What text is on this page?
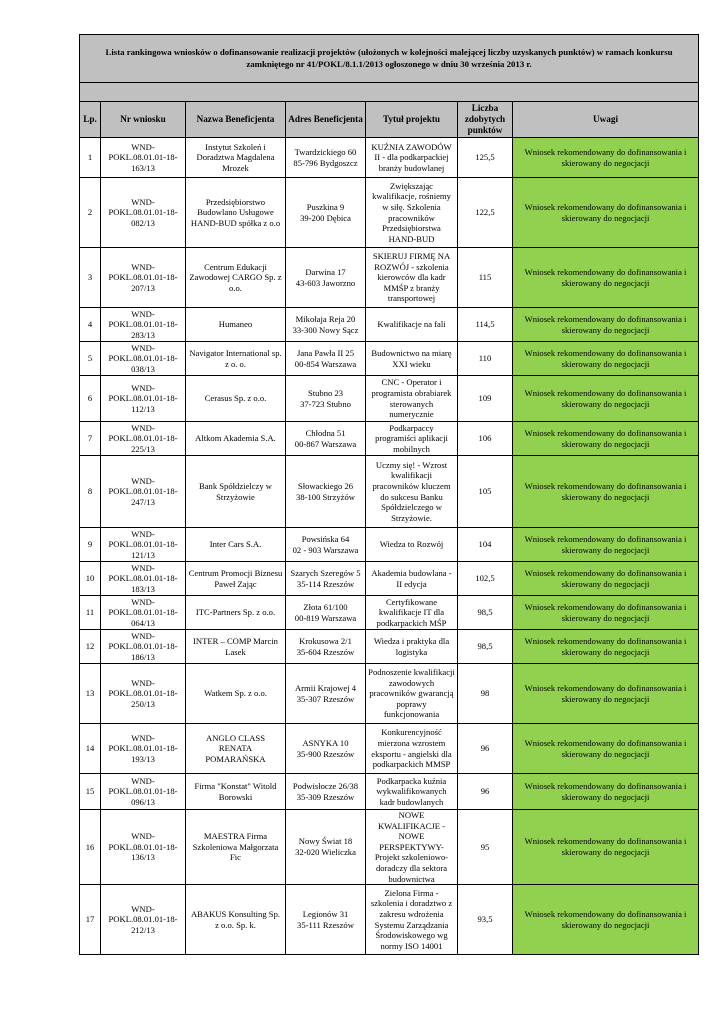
Lista rankingowa wniosków o dofinansowanie realizacji projektów (ułożonych w kolejności malejącej liczby uzyskanych punktów) w ramach konkursu zamkniętego nr 41/POKL/8.1.1/2013 ogłoszonego w dniu 30 września 2013 r.						

Lp.	Nr wniosku	Nazwa Beneficjenta	Adres Beneficjenta	Tytuł projektu	Liczba zdobytych punktów	Uwagi

1	WND-POKL.08.01.01-18-163/13	Instytut Szkoleń i Doradztwa Magdalena Mrozek	Twardzickiego 60
85-796 Bydgoszcz	KUŹNIA ZAWODÓW II - dla podkarpackiej branży budowlanej	125,5	Wniosek rekomendowany do dofinansowania i skierowany do negocjacji

2	WND-POKL.08.01.01-18-082/13	Przedsiębiorstwo Budowlano Usługowe HAND-BUD spółka z o.o	Puszkina 9
39-200 Dębica	Zwiększając kwalifikacje, rośniemy w siłę. Szkolenia pracowników Przedsiębiorstwa HAND-BUD	122,5	Wniosek rekomendowany do dofinansowania i skierowany do negocjacji

3	WND-POKL.08.01.01-18-207/13	Centrum Edukacji Zawodowej CARGO Sp. z o.o.	Darwina 17
43-603 Jaworzno	SKIERUJ FIRMĘ NA ROZWÓJ - szkolenia kierowców dla kadr MMŚP z branży transportowej	115	Wniosek rekomendowany do dofinansowania i skierowany do negocjacji

4	WND-POKL.08.01.01-18-283/13	Humaneo	Mikołaja Reja 20
33-300 Nowy Sącz	Kwalifikacje na fali	114,5	Wniosek rekomendowany do dofinansowania i skierowany do negocjacji

5	WND-POKL.08.01.01-18-038/13	Navigator International sp. z o. o.	Jana Pawła II 25
00-854 Warszawa	Budownictwo na miarę XXI wieku	110	Wniosek rekomendowany do dofinansowania i skierowany do negocjacji

6	WND-POKL.08.01.01-18-112/13	Cerasus Sp. z o.o.	Stubno 23
37-723 Stubno	CNC - Operator i programista obrabiarek sterowanych numerycznie	109	Wniosek rekomendowany do dofinansowania i skierowany do negocjacji

7	WND-POKL.08.01.01-18-225/13	Altkom Akademia S.A.	Chłodna 51
00-867 Warszawa	Podkarpaccy programiści aplikacji mobilnych	106	Wniosek rekomendowany do dofinansowania i skierowany do negocjacji

8	WND-POKL.08.01.01-18-247/13	Bank Spółdzielczy w Strzyżowie	Słowackiego 26
38-100 Strzyżów	Uczmy się! - Wzrost kwalifikacji pracowników kluczem do sukcesu Banku Spółdzielczego w Strzyżowie.	105	Wniosek rekomendowany do dofinansowania i skierowany do negocjacji

9	WND-POKL.08.01.01-18-121/13	Inter Cars S.A.	Powsińska 64
02 - 903 Warszawa	Wiedza to Rozwój	104	Wniosek rekomendowany do dofinansowania i skierowany do negocjacji

10	WND-POKL.08.01.01-18-183/13	Centrum Promocji Biznesu Paweł Zając	Szarych Szeregów 5
35-114 Rzeszów	Akademia budowlana - II edycja	102,5	Wniosek rekomendowany do dofinansowania i skierowany do negocjacji

11	WND-POKL.08.01.01-18-064/13	ITC-Partners Sp. z o.o.	Złota 61/100
00-819 Warszawa	Certyfikowane kwalifikacje IT dla podkarpackich MŚP	98,5	Wniosek rekomendowany do dofinansowania i skierowany do negocjacji

12	WND-POKL.08.01.01-18-186/13	INTER – COMP Marcin Lasek	Krokusowa 2/1
35-604 Rzeszów	Wiedza i praktyka dla logistyka	98,5	Wniosek rekomendowany do dofinansowania i skierowany do negocjacji

13	WND-POKL.08.01.01-18-250/13	Watkem Sp. z o.o.	Armii Krajowej 4
35-307 Rzeszów	Podnoszenie kwalifikacji zawodowych pracowników gwarancją poprawy funkcjonowania	98	Wniosek rekomendowany do dofinansowania i skierowany do negocjacji

14	WND-POKL.08.01.01-18-193/13	ANGLO CLASS
RENATA
POMARAŃSKA	ASNYKA 10
35-900 Rzeszów	Konkurencyjność mierzona wzrostem eksportu - angielski dla podkarpackich MMSP	96	Wniosek rekomendowany do dofinansowania i skierowany do negocjacji

15	WND-POKL.08.01.01-18-096/13	Firma "Konstat" Witold Borowski	Podwisłocze 26/38
35-309 Rzeszów	Podkarpacka kuźnia wykwalifikowanych kadr budowlanych	96	Wniosek rekomendowany do dofinansowania i skierowany do negocjacji

16	WND-POKL.08.01.01-18-136/13	MAESTRA Firma Szkoleniowa Małgorzata Fic	Nowy Świat 18
32-020 Wieliczka	NOWE KWALIFIKACJE - NOWE PERSPEKTYWY- Projekt szkoleniowo-doradczy dla sektora budownictwa	95	Wniosek rekomendowany do dofinansowania i skierowany do negocjacji

17	WND-POKL.08.01.01-18-212/13	ABAKUS Konsulting Sp. z o.o. Sp. k.	Legionów 31
35-111 Rzeszów	Zielona Firma - szkolenia i doradztwo z zakresu wdrożenia Systemu Zarządzania Środowiskowego wg normy ISO 14001	93,5	Wniosek rekomendowany do dofinansowania i skierowany do negocjacji
